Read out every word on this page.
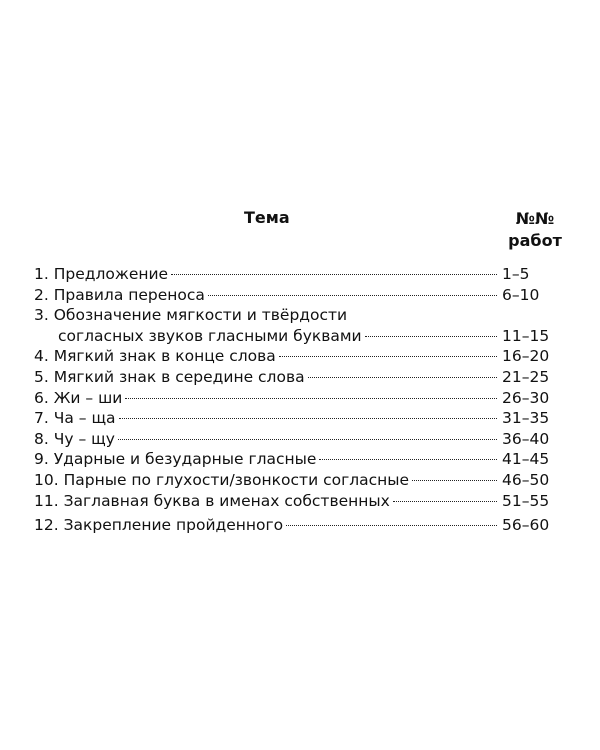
Тема	№№
работ
1. Предложение	1–5
2. Правила переноса	6–10
3. Обозначение мягкости и твёрдости
согласных звуков гласными буквами	11–15
4. Мягкий знак в конце слова	16–20
5. Мягкий знак в середине слова	21–25
6. Жи – ши	26–30
7. Ча – ща	31–35
8. Чу – щу	36–40
9. Ударные и безударные гласные	41–45
10. Парные по глухости/звонкости согласные	46–50
11. Заглавная буква в именах собственных	51–55
12. Закрепление пройденного	56–60
